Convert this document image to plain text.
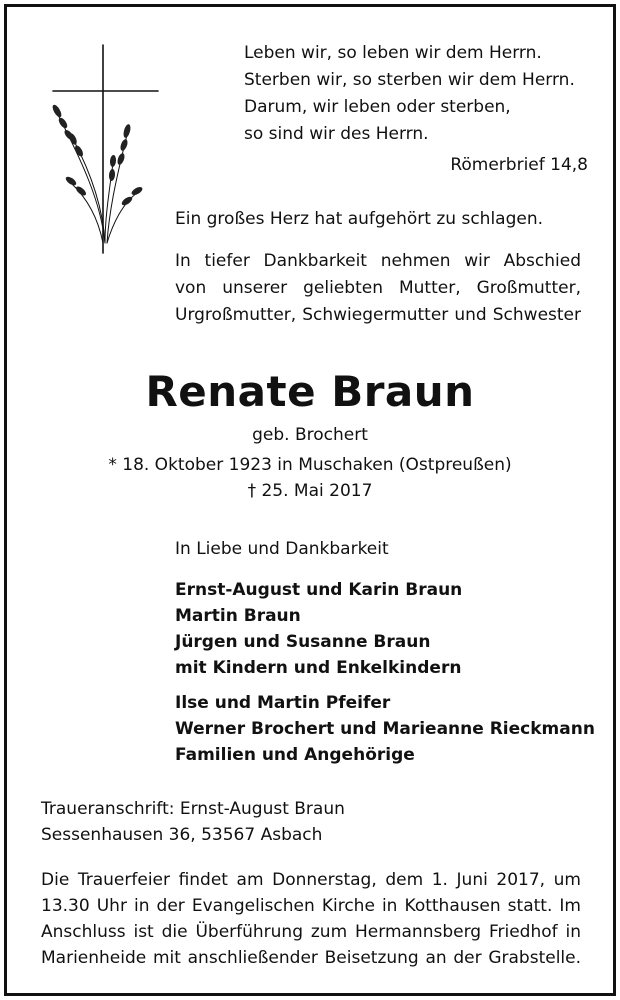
Leben wir, so leben wir dem Herrn.
Sterben wir, so sterben wir dem Herrn.
Darum, wir leben oder sterben,
so sind wir des Herrn.
Römerbrief 14,8
Ein großes Herz hat aufgehört zu schlagen.
In tiefer Dankbarkeit nehmen wir Abschied
von unserer geliebten Mutter, Großmutter,
Urgroßmutter, Schwiegermutter und Schwester
Renate Braun
geb. Brochert
* 18. Oktober 1923 in Muschaken (Ostpreußen)
† 25. Mai 2017
In Liebe und Dankbarkeit
Ernst-August und Karin Braun
Martin Braun
Jürgen und Susanne Braun
mit Kindern und Enkelkindern
Ilse und Martin Pfeifer
Werner Brochert und Marieanne Rieckmann
Familien und Angehörige
Traueranschrift: Ernst-August Braun
Sessenhausen 36, 53567 Asbach
Die Trauerfeier findet am Donnerstag, dem 1. Juni 2017, um
13.30 Uhr in der Evangelischen Kirche in Kotthausen statt. Im
Anschluss ist die Überführung zum Hermannsberg Friedhof in
Marienheide mit anschließender Beisetzung an der Grabstelle.
